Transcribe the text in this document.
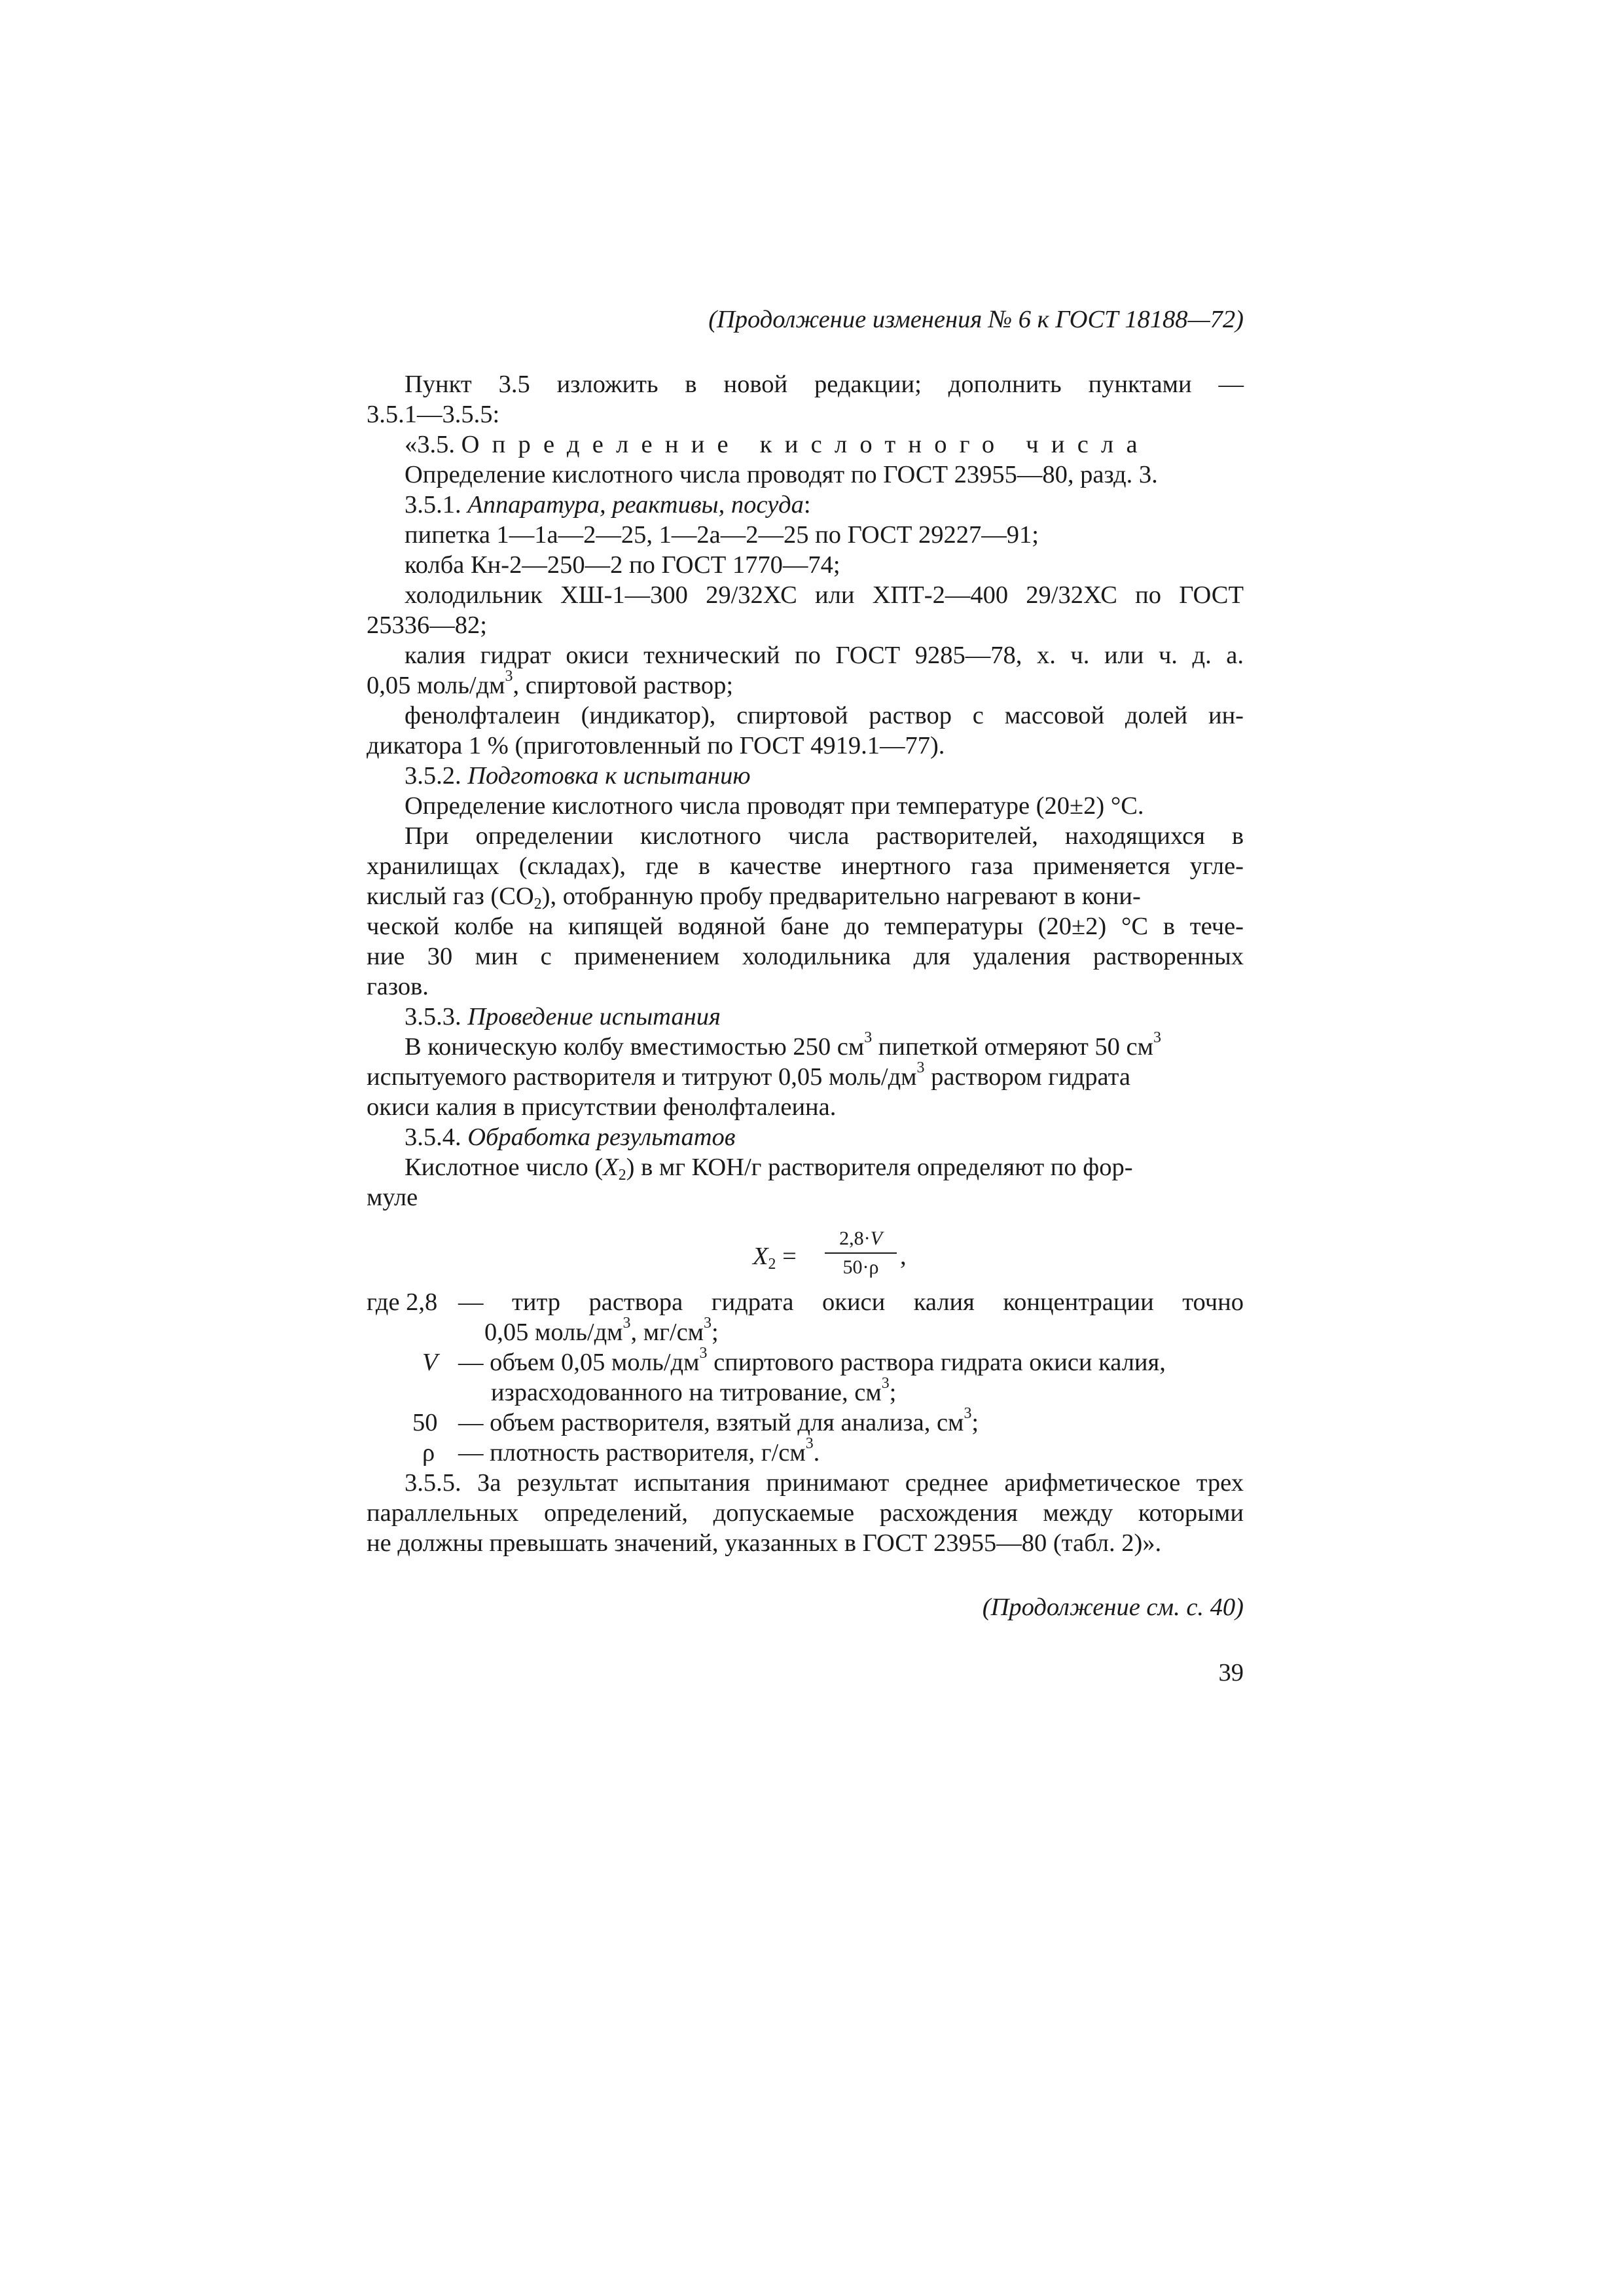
(Продолжение изменения № 6 к ГОСТ 18188—72)
Пункт 3.5 изложить в новой редакции; дополнить пунктами —
3.5.1—3.5.5:
«3.5. Определение кислотного числа
Определение кислотного числа проводят по ГОСТ 23955—80, разд. 3.
3.5.1. Аппаратура, реактивы, посуда:
пипетка 1—1а—2—25, 1—2а—2—25 по ГОСТ 29227—91;
колба Кн-2—250—2 по ГОСТ 1770—74;
холодильник ХШ-1—300 29/32ХС или ХПТ-2—400 29/32ХС по ГОСТ
25336—82;
калия гидрат окиси технический по ГОСТ 9285—78, х. ч. или ч. д. а.
0,05 моль/$дм^3$, спиртовой раствор;
фенолфталеин (индикатор), спиртовой раствор с массовой долей ин-
дикатора 1 % (приготовленный по ГОСТ 4919.1—77).
3.5.2. Подготовка к испытанию
Определение кислотного числа проводят при температуре (20±2) °С.
При определении кислотного числа растворителей, находящихся в
хранилищах (складах), где в качестве инертного газа применяется угле-
кислый газ $(СО_2)$, отобранную пробу предварительно нагревают в кони-
ческой колбе на кипящей водяной бане до температуры (20±2) °С в тече-
ние 30 мин с применением холодильника для удаления растворенных
газов.
3.5.3. Проведение испытания
В коническую колбу вместимостью 250 $см^3$ пипеткой отмеряют 50 $см^3$
испытуемого растворителя и титруют 0,05 моль/$дм^3$ раствором гидрата
окиси калия в присутствии фенолфталеина.
3.5.4. Обработка результатов
Кислотное число $(X_2)$ в мг КОН/г растворителя определяют по фор-
муле
$X_2$ =
2,8·V
50·ρ ,
где 2,8 — титр раствора гидрата окиси калия концентрации точно
0,05 моль/$дм^3$, $мг/см^3$;
V — объем 0,05 моль/$дм^3$ спиртового раствора гидрата окиси калия,
израсходованного на титрование, $см^3$;
50 — объем растворителя, взятый для анализа, $см^3$;
ρ — плотность растворителя, $г/см^3$.
3.5.5. За результат испытания принимают среднее арифметическое трех
параллельных определений, допускаемые расхождения между которыми
не должны превышать значений, указанных в ГОСТ 23955—80 (табл. 2)».
(Продолжение см. с. 40)
39
